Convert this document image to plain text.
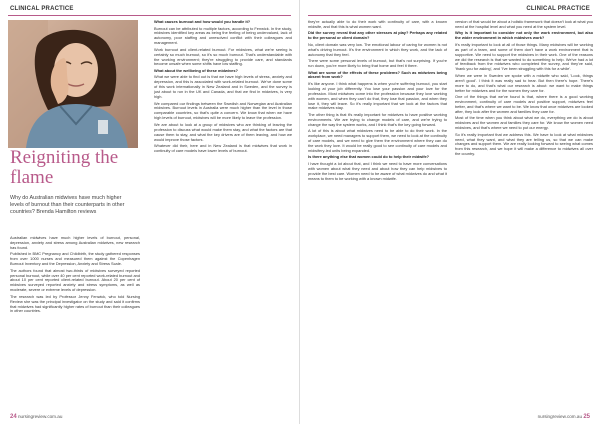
CLINICAL PRACTICE
Reigniting the flame

Why do Australian midwives have much higher levels of burnout than their counterparts in other countries? Brenda Hamilton reviews

Australian midwives have much higher levels of burnout, personal, depression, anxiety and stress among Australian midwives, new research has found.

Published in BMC Pregnancy and Childbirth, the study gathered responses from over 1000 nurses and measured them against the Copenhagen Burnout Inventory and the Depression, Anxiety and Stress Scale.

The authors found that almost two-thirds of midwives surveyed reported personal burnout, while over 40 per cent reported work-related burnout and about 10 per cent reported client-related burnout. About 20 per cent of midwives surveyed reported anxiety and stress symptoms, as well as moderate, severe or extreme levels of depression.

The research was led by Professor Jenny Fenwick, who told Nursing Review she was the principal investigator on the study and said it confirms that midwives had significantly higher rates of burnout than their colleagues in other countries.

What causes burnout and how would you handle it?

Burnout can be attributed to multiple factors, according to Fenwick. In the study, midwives identified key areas as being the feeling of being undervalued, lack of autonomy, poor staffing and unresolved conflict with their colleagues and management.

Work burnout and client-related burnout. For midwives, what we're seeing is certainly so much burnout, so it's so much burnout. That's understandable with the working environment; they're struggling to provide care, and standards become unsafe when some shifts have low staffing.

What about the wellbeing of these midwives?

What we were able to find out is that we have high levels of stress, anxiety and depression, and this is associated with work-related burnout. We've done some of this work internationally in New Zealand and in Sweden, and the survey is just about to run in the UK and Canada, and that we find in midwives, is very high.

We compared our findings between the Swedish and Norwegian and Australian midwives. Burnout levels in Australia were much higher than the level in those comparable countries, so that's quite a concern. We know that when we have high levels of burnout, midwives will be more likely to leave the profession.

We are about to look at a group of midwives who are thinking of leaving the profession to discuss what would make them stay, and what the factors are that cause them to stay, and what the key drivers are of them leaving, and how we would improve those factors.

Whatever did their, here and in New Zealand is that midwives that work in continuity of care models have lower levels of burnout.

24 nursingreview.com.au
CLINICAL PRACTICE

they're actually able to do their work with continuity of care, with a known midwife, and that this is what women want.

Did the survey reveal that any other stresses at play? Perhaps any related to the personal or client domain?

No, client domain was very low. The emotional labour of caring for women is not what's driving burnout. It's the environment in which they work, and the lack of autonomy that they feel.

There were some personal levels of burnout, but that's not surprising. If you're run down, you're more likely to bring that home and feel it there.

What are some of the effects of these problems? Such as midwives being absent from work?

It's like anyone. I think what happens is when you're suffering burnout, you start looking at your job differently. You lose your passion and your love for the profession. Most midwives come into the profession because they love working with women, and when they can't do that, they lose that passion, and when they lose it, they will leave. So it's really important that we look at the factors that make midwives stay.

The other thing is that it's really important for midwives to have positive working environments. We are trying to change models of care, and we're trying to change the way the system works, and I think that's the key going forward.

A lot of this is about what midwives need to be able to do their work. In the workplace, we need managers to support them, we need to look at the continuity of care models, and we need to give them the environment where they can do the work they love. It would be really good to see continuity of care models and midwifery-led units being expanded.

Is there anything else that women could do to help their midwife?

I have thought a lot about that, and I think we need to have more conversations with women about what they need and about how they can help midwives to provide the best care. Women need to be aware of what midwives do and what it means to them to be working with a known midwife.

version of that would be about a holistic framework that doesn't look at what you need at the hospital level and what you need at the system level.

Why is it important to consider not only the work environment, but also the wider environment in which midwives work?

It's really important to look at all of those things. Many midwives will be working as part of a team, and some of them don't have a work environment that is supportive. We need to support the midwives in their work. One of the reasons we did the research is that we wanted to do something to help. We've had a lot of feedback from the midwives who completed the survey, and they've said, 'thank you for asking', and 'I've been struggling with this for a while'.

When we were in Sweden we spoke with a midwife who said, 'Look, things aren't good'. I think it was really sad to hear. But then there's hope. There's more to do, and that's what our research is about: we want to make things better for midwives and for the women they care for.

One of the things that we've found is that, where there is a good working environment, continuity of care models and positive support, midwives feel better, and that's where we want to be. We know that once midwives are looked after, they look after the women and families they care for.

Most of the time when you think about what we do, everything we do is about midwives and the women and families they care for. We know the women need midwives, and that's where we need to put our energy.

So it's really important that we address this. We have to look at what midwives need, what they want, and what they are telling us, so that we can make changes and support them. We are really looking forward to seeing what comes from this research, and we hope it will make a difference to midwives all over the country.

nursingreview.com.au 25
